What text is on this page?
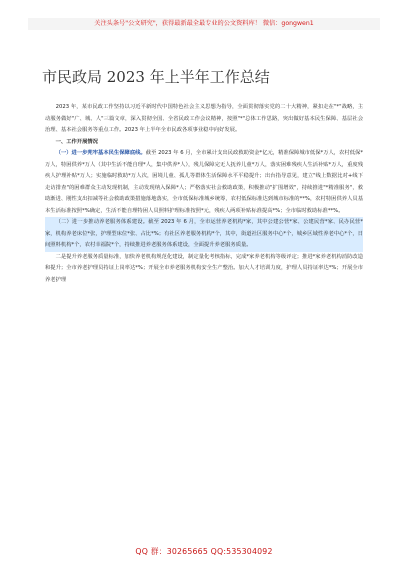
关注头条号"公文研究"，获得最新最全最专业的公文资料库！ 微信：gongwen1
市民政局 2023 年上半年工作总结

2023 年，某市民政工作坚持以习近平新时代中国特色社会主义思想为指导，全面贯彻落实党的二十大精神，紧扣走在"*"战略，主动服务做好"广、城、人"三篇文章，深入贯彻全国、全省民政工作会议精神，按照"*"总体工作思路，突出做好基本民生保障、基层社会治理、基本社会服务等重点工作。2023 年上半年全市民政各项事业稳中向好发展。

一、工作开展情况

（一）进一步兜牢基本民生保障底线。截至 2023 年 6 月，全市累计支出民政救助资金*亿元，精准保障城市低保*万人，农村低保*万人，特困供养*万人（其中生活不能自理*人，集中供养*人），残儿保障完无人抚养儿童*万人，落实困难残疾人生活补贴*万人，重度残疾人护理补贴*万人；实施临时救助*万人次，困境儿童、孤儿等群体生活保障水平平稳提升；出台指导意见，建立"线上数据比对+线下走访排查"的困难群众主动发现机制，主动发现纳入保障*人；严格落实社会救助政策，积极推动"扩围增效"，持续推进"*精准服务"，救助渐进、刚性支出扣减等社会救助政策措施落地落实，全市低保标准城乡统筹，农村低保标准达到城市标准的**%，农村特困供养人员基本生活标准按照*%确定，生活不能自理特困人员照料护理标准按照*元，残疾人两项补贴标准提高*%；全市临时救助标准**%。

（二）进一步推动养老服务体系建设。截至 2023 年 6 月，全市运营养老机构*家，其中公建公营*家、公建民营*家、民办民营*家，机构养老床位*张，护理型床位*张、占比*%；有社区养老服务机构*个，其中，街道社区服务中心*个，城乡区域性养老中心*个，日间照料机构*个，农村幸福院*个，持续推进养老服务体系建设，全面提升养老服务质量。

二是提升养老服务质量标准，加快养老机构规范化建设，制定量化考核指标，完成*家养老机构等级评定；推进*家养老机构消防改造和提升；全市养老护理员持证上岗率达*%；开展全市养老服务机构安全生产整治。加大人才培训力度，护理人员持证率达*%；开展全市养老护理

QQ 群：30265665 QQ:535304092
